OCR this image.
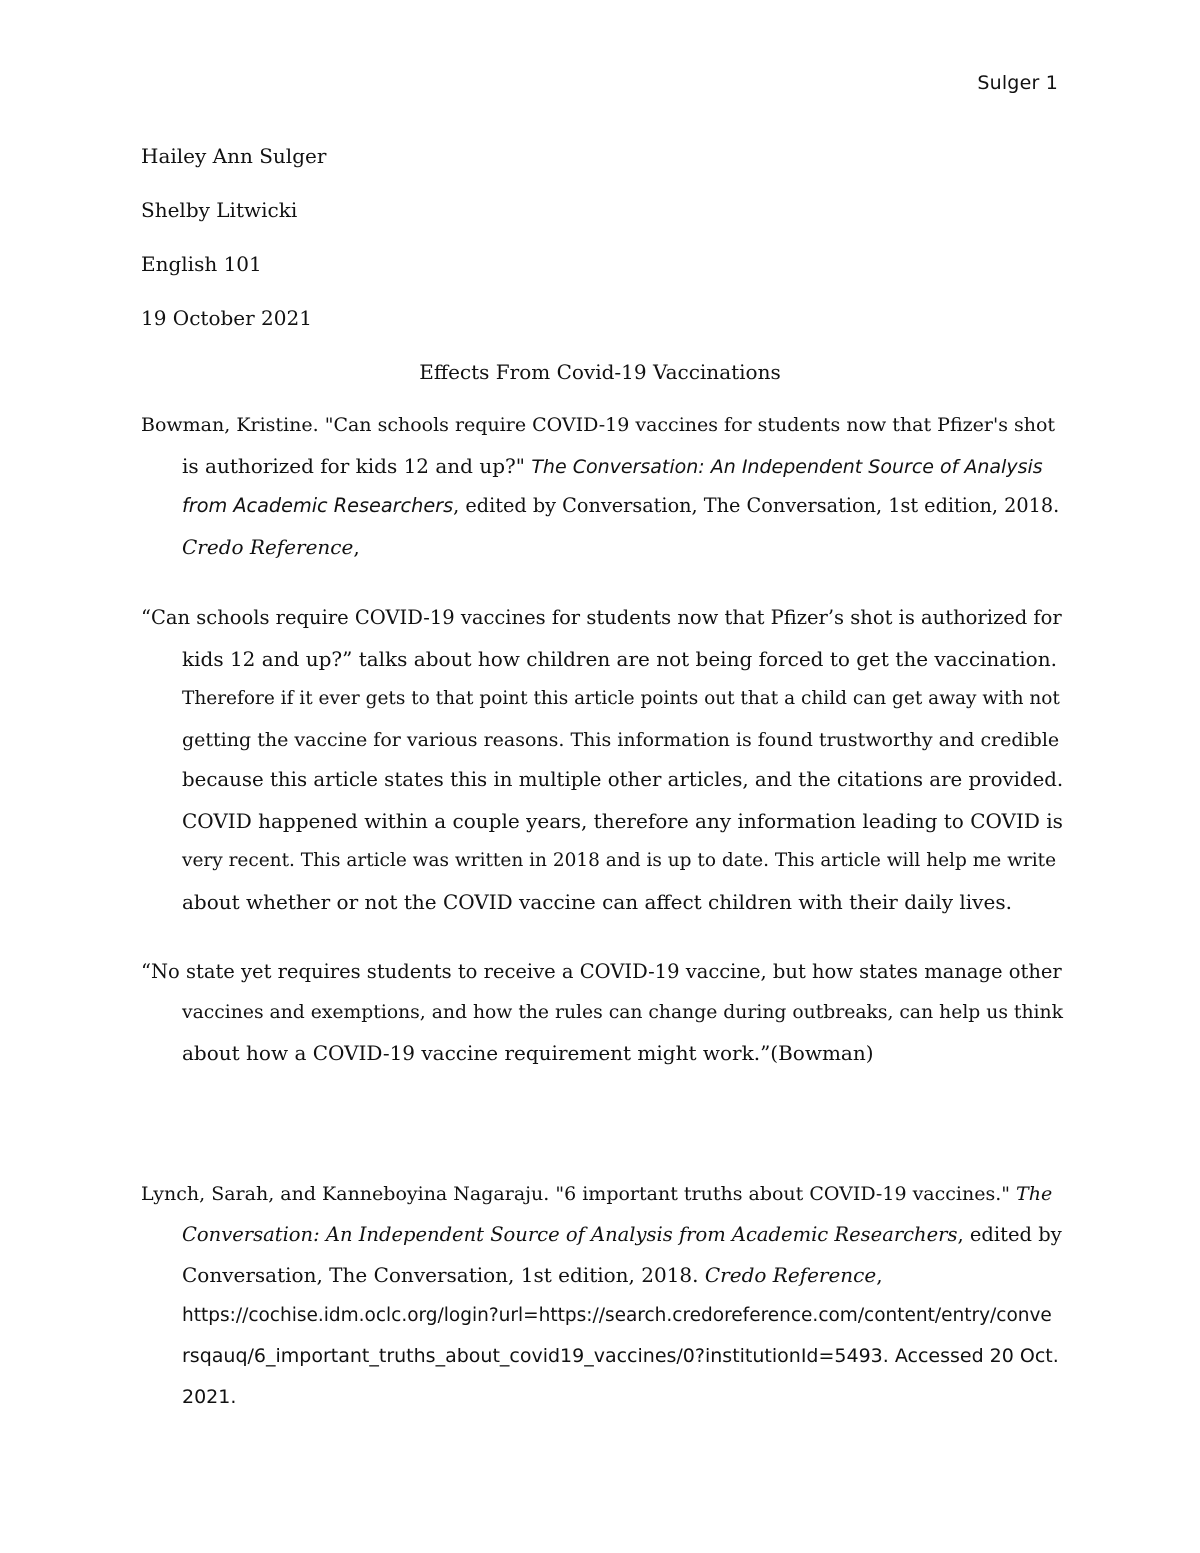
Sulger 1
Hailey Ann Sulger
Shelby Litwicki
English 101
19 October 2021
Effects From Covid-19 Vaccinations
Bowman, Kristine. "Can schools require COVID-19 vaccines for students now that Pfizer's shot
is authorized for kids 12 and up?" The Conversation: An Independent Source of Analysis
from Academic Researchers, edited by Conversation, The Conversation, 1st edition, 2018.
Credo Reference,
“Can schools require COVID-19 vaccines for students now that Pfizer’s shot is authorized for
kids 12 and up?” talks about how children are not being forced to get the vaccination.
Therefore if it ever gets to that point this article points out that a child can get away with not
getting the vaccine for various reasons. This information is found trustworthy and credible
because this article states this in multiple other articles, and the citations are provided.
COVID happened within a couple years, therefore any information leading to COVID is
very recent. This article was written in 2018 and is up to date. This article will help me write
about whether or not the COVID vaccine can affect children with their daily lives.
“No state yet requires students to receive a COVID-19 vaccine, but how states manage other
vaccines and exemptions, and how the rules can change during outbreaks, can help us think
about how a COVID-19 vaccine requirement might work.”(Bowman)
Lynch, Sarah, and Kanneboyina Nagaraju. "6 important truths about COVID-19 vaccines." The
Conversation: An Independent Source of Analysis from Academic Researchers, edited by
Conversation, The Conversation, 1st edition, 2018. Credo Reference,
https://cochise.idm.oclc.org/login?url=https://search.credoreference.com/content/entry/conve
rsqauq/6_important_truths_about_covid19_vaccines/0?institutionId=5493. Accessed 20 Oct.
2021.
